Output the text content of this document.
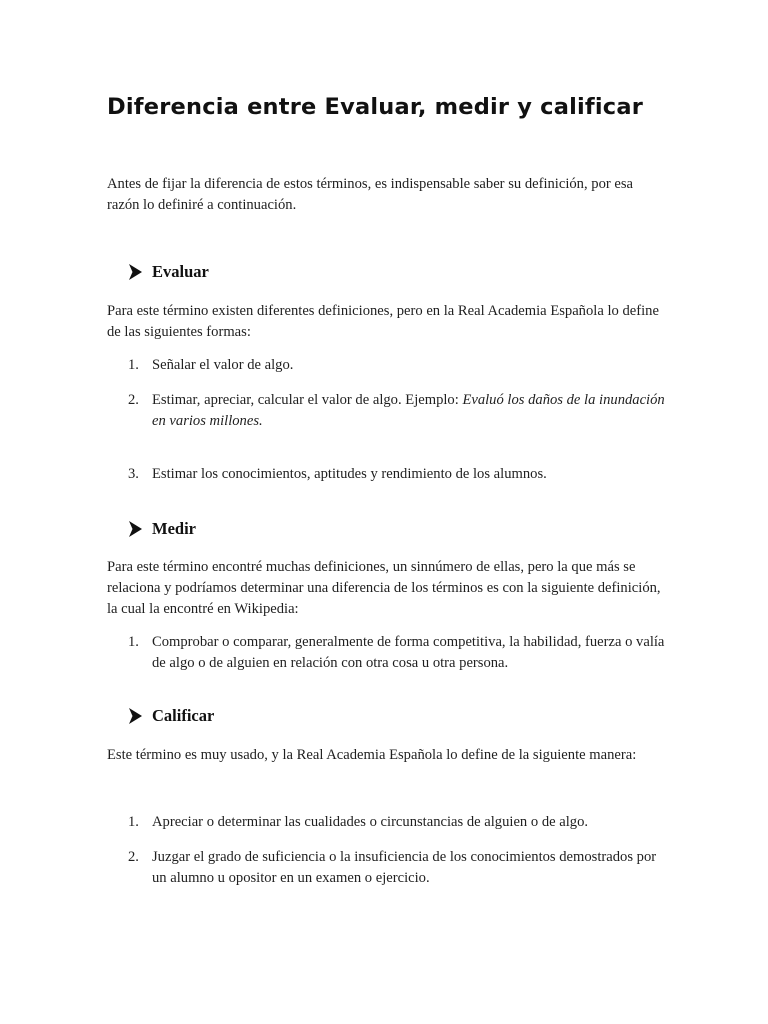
Diferencia entre Evaluar, medir y calificar

Antes de fijar la diferencia de estos términos, es indispensable saber su definición, por esa razón lo definiré a continuación.

Evaluar

Para este término existen diferentes definiciones, pero en la Real Academia Española lo define de las siguientes formas:

1. Señalar el valor de algo.
2. Estimar, apreciar, calcular el valor de algo. Ejemplo: Evaluó los daños de la inundación en varios millones.
3. Estimar los conocimientos, aptitudes y rendimiento de los alumnos.
Medir

Para este término encontré muchas definiciones, un sinnúmero de ellas, pero la que más se relaciona y podríamos determinar una diferencia de los términos es con la siguiente definición, la cual la encontré en Wikipedia:

1. Comprobar o comparar, generalmente de forma competitiva, la habilidad, fuerza o valía de algo o de alguien en relación con otra cosa u otra persona.
Calificar

Este término es muy usado, y la Real Academia Española lo define de la siguiente manera:

1. Apreciar o determinar las cualidades o circunstancias de alguien o de algo.
2. Juzgar el grado de suficiencia o la insuficiencia de los conocimientos demostrados por un alumno u opositor en un examen o ejercicio.
